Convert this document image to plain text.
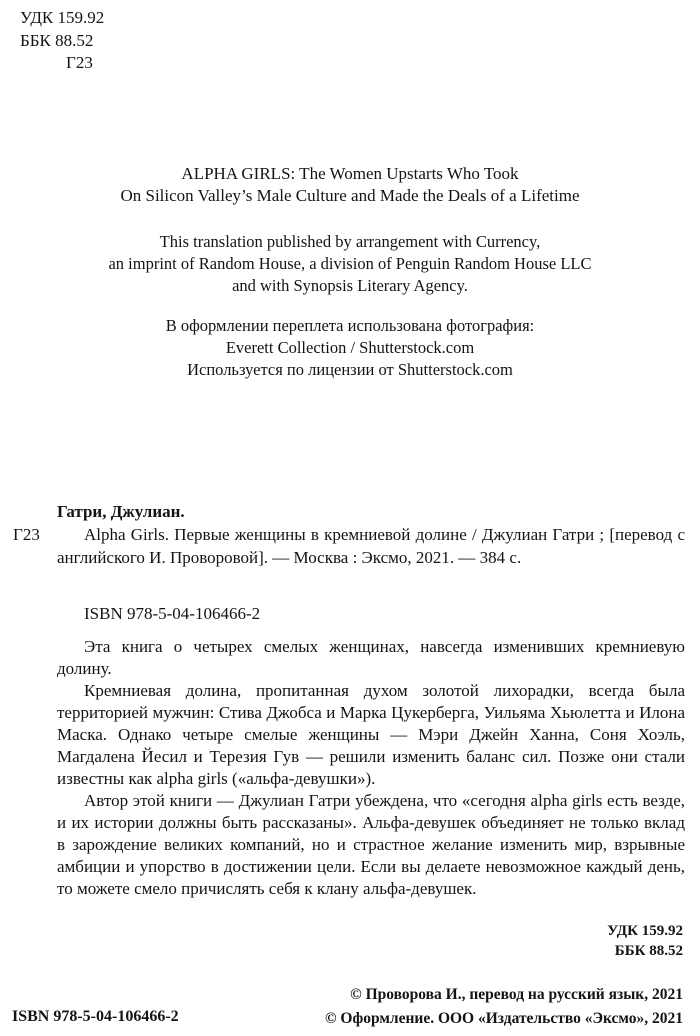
УДК 159.92
ББК 88.52
Г23
ALPHA GIRLS: The Women Upstarts Who Took
On Silicon Valley’s Male Culture and Made the Deals of a Lifetime
This translation published by arrangement with Currency,
an imprint of Random House, a division of Penguin Random House LLC
and with Synopsis Literary Agency.
В оформлении переплета использована фотография:
Everett Collection / Shutterstock.com
Используется по лицензии от Shutterstock.com
Гатри, Джулиан.
Г23	Alpha Girls. Первые женщины в кремниевой долине / Джулиан Гатри ; [перевод с английского И. Проворовой]. — Москва : Эксмо, 2021. — 384 с.
ISBN 978-5-04-106466-2

Эта книга о четырех смелых женщинах, навсегда изменивших кремниевую долину.

Кремниевая долина, пропитанная духом золотой лихорадки, всегда была территорией мужчин: Стива Джобса и Марка Цукерберга, Уильяма Хьюлетта и Илона Маска. Однако четыре смелые женщины — Мэри Джейн Ханна, Соня Хоэль, Магдалена Йесил и Терезия Гув — решили изменить баланс сил. Позже они стали известны как alpha girls («альфа-девушки»).

Автор этой книги — Джулиан Гатри убеждена, что «сегодня alpha girls есть везде, и их истории должны быть рассказаны». Альфа-девушек объединяет не только вклад в зарождение великих компаний, но и страстное желание изменить мир, взрывные амбиции и упорство в достижении цели. Если вы делаете невозможное каждый день, то можете смело причислять себя к клану альфа-девушек.

УДК 159.92
ББК 88.52
ISBN 978-5-04-106466-2
© Проворова И., перевод на русский язык, 2021
© Оформление. ООО «Издательство «Эксмо», 2021
